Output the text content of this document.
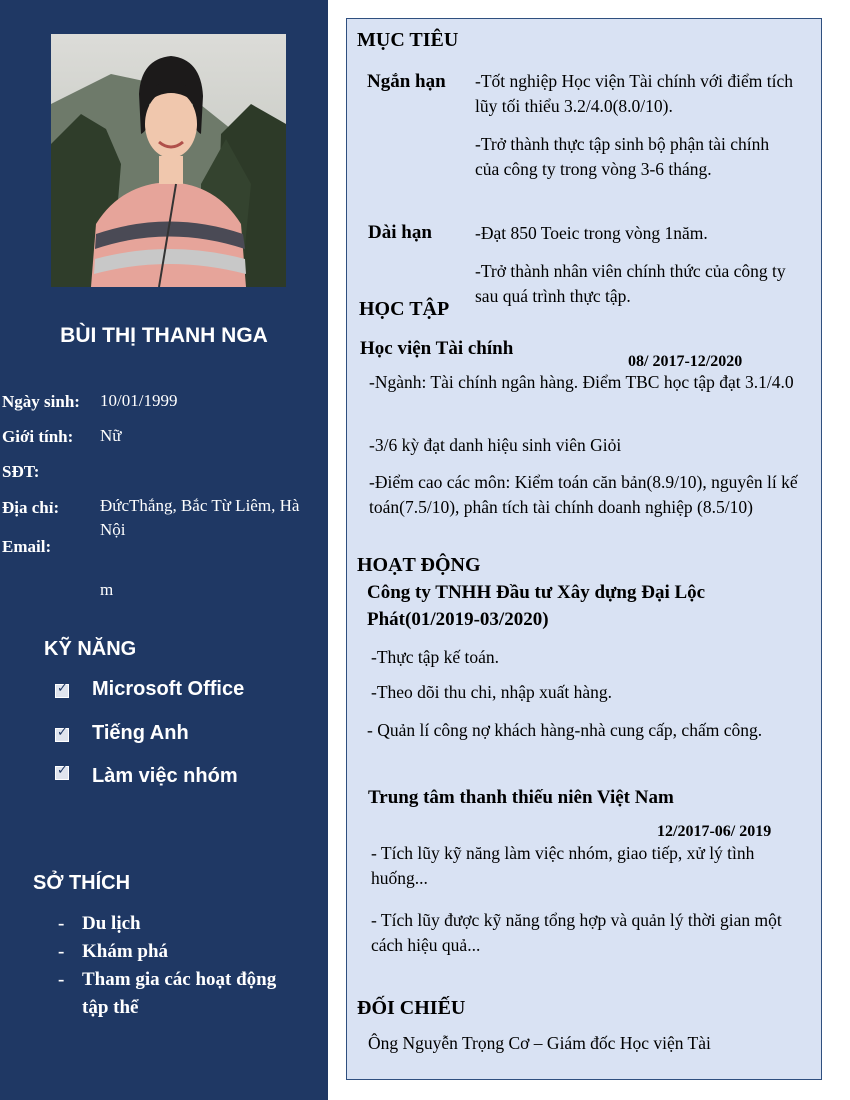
BÙI THỊ THANH NGA
Ngày sinh: 10/01/1999
Giới tính: Nữ
SĐT:
Địa chỉ: ĐứcThắng, Bắc Từ Liêm, Hà Nội
Email:
m
KỸ NĂNG
✓ Microsoft Office
✓ Tiếng Anh
✓ Làm việc nhóm
SỞ THÍCH
- Du lịch
- Khám phá
- Tham gia các hoạt động tập thể
MỤC TIÊU
Ngắn hạn -Tốt nghiệp Học viện Tài chính với điểm tích lũy tối thiểu 3.2/4.0(8.0/10).
-Trở thành thực tập sinh bộ phận tài chính của công ty trong vòng 3-6 tháng.
Dài hạn -Đạt 850 Toeic trong vòng 1năm.
-Trở thành nhân viên chính thức của công ty sau quá trình thực tập.
HỌC TẬP
Học viện Tài chính
08/ 2017-12/2020
-Ngành: Tài chính ngân hàng. Điểm TBC học tập đạt 3.1/4.0
-3/6 kỳ đạt danh hiệu sinh viên Giỏi
-Điểm cao các môn: Kiểm toán căn bản(8.9/10), nguyên lí kế toán(7.5/10), phân tích tài chính doanh nghiệp (8.5/10)
HOẠT ĐỘNG
Công ty TNHH Đầu tư Xây dựng Đại Lộc Phát(01/2019-03/2020)
-Thực tập kế toán.
-Theo dõi thu chi, nhập xuất hàng.
- Quản lí công nợ khách hàng-nhà cung cấp, chấm công.
Trung tâm thanh thiếu niên Việt Nam
12/2017-06/ 2019
- Tích lũy kỹ năng làm việc nhóm, giao tiếp, xử lý tình huống...
- Tích lũy được kỹ năng tổng hợp và quản lý thời gian một cách hiệu quả...
ĐỐI CHIẾU
Ông Nguyễn Trọng Cơ – Giám đốc Học viện Tài
